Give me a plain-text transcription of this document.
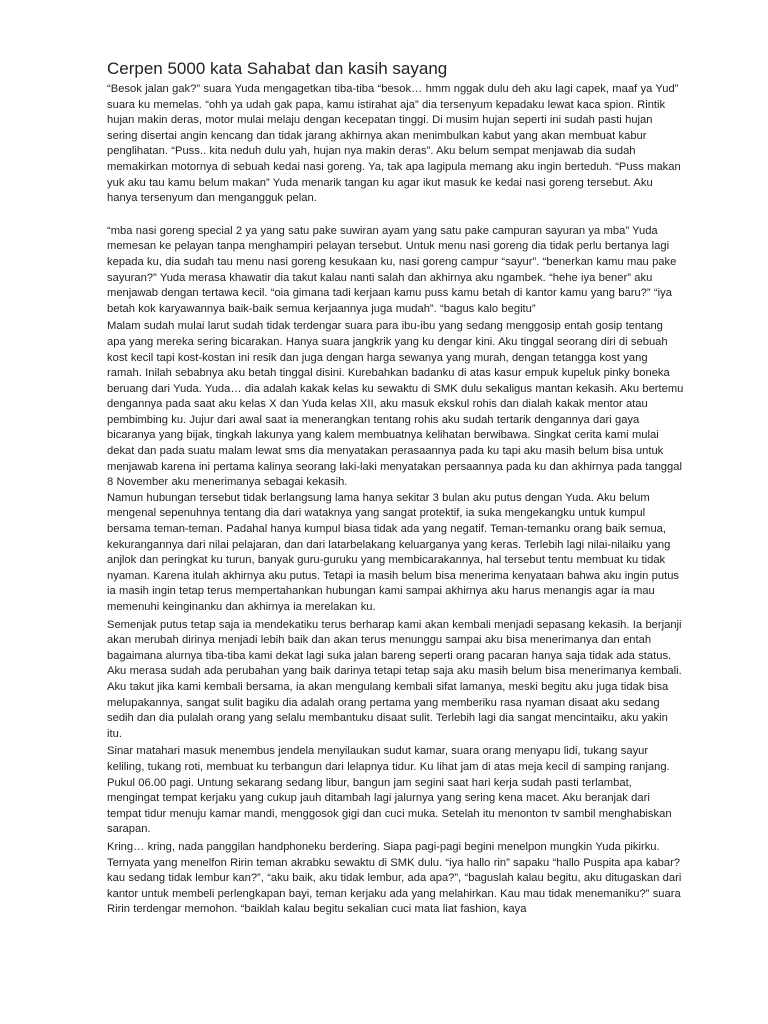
Cerpen 5000 kata Sahabat dan kasih sayang

“Besok jalan gak?” suara Yuda mengagetkan tiba-tiba “besok… hmm nggak dulu deh aku lagi capek, maaf ya Yud” suara ku memelas. “ohh ya udah gak papa, kamu istirahat aja” dia tersenyum kepadaku lewat kaca spion. Rintik hujan makin deras, motor mulai melaju dengan kecepatan tinggi. Di musim hujan seperti ini sudah pasti hujan sering disertai angin kencang dan tidak jarang akhirnya akan menimbulkan kabut yang akan membuat kabur penglihatan. “Puss.. kita neduh dulu yah, hujan nya makin deras”. Aku belum sempat menjawab dia sudah memakirkan motornya di sebuah kedai nasi goreng. Ya, tak apa lagipula memang aku ingin berteduh. “Puss makan yuk aku tau kamu belum makan” Yuda menarik tangan ku agar ikut masuk ke kedai nasi goreng tersebut. Aku hanya tersenyum dan mengangguk pelan.

“mba nasi goreng special 2 ya yang satu pake suwiran ayam yang satu pake campuran sayuran ya mba” Yuda memesan ke pelayan tanpa menghampiri pelayan tersebut. Untuk menu nasi goreng dia tidak perlu bertanya lagi kepada ku, dia sudah tau menu nasi goreng kesukaan ku, nasi goreng campur “sayur”. “benerkan kamu mau pake sayuran?” Yuda merasa khawatir dia takut kalau nanti salah dan akhirnya aku ngambek. “hehe iya bener” aku menjawab dengan tertawa kecil. “oia gimana tadi kerjaan kamu puss kamu betah di kantor kamu yang baru?” “iya betah kok karyawannya baik-baik semua kerjaannya juga mudah”. “bagus kalo begitu”

Malam sudah mulai larut sudah tidak terdengar suara para ibu-ibu yang sedang menggosip entah gosip tentang apa yang mereka sering bicarakan. Hanya suara jangkrik yang ku dengar kini. Aku tinggal seorang diri di sebuah kost kecil tapi kost-kostan ini resik dan juga dengan harga sewanya yang murah, dengan tetangga kost yang ramah. Inilah sebabnya aku betah tinggal disini. Kurebahkan badanku di atas kasur empuk kupeluk pinky boneka beruang dari Yuda. Yuda… dia adalah kakak kelas ku sewaktu di SMK dulu sekaligus mantan kekasih. Aku bertemu dengannya pada saat aku kelas X dan Yuda kelas XII, aku masuk ekskul rohis dan dialah kakak mentor atau pembimbing ku. Jujur dari awal saat ia menerangkan tentang rohis aku sudah tertarik dengannya dari gaya bicaranya yang bijak, tingkah lakunya yang kalem membuatnya kelihatan berwibawa. Singkat cerita kami mulai dekat dan pada suatu malam lewat sms dia menyatakan perasaannya pada ku tapi aku masih belum bisa untuk menjawab karena ini pertama kalinya seorang laki-laki menyatakan persaannya pada ku dan akhirnya pada tanggal 8 November aku menerimanya sebagai kekasih.

Namun hubungan tersebut tidak berlangsung lama hanya sekitar 3 bulan aku putus dengan Yuda. Aku belum mengenal sepenuhnya tentang dia dari wataknya yang sangat protektif, ia suka mengekangku untuk kumpul bersama teman-teman. Padahal hanya kumpul biasa tidak ada yang negatif. Teman-temanku orang baik semua, kekurangannya dari nilai pelajaran, dan dari latarbelakang keluarganya yang keras. Terlebih lagi nilai-nilaiku yang anjlok dan peringkat ku turun, banyak guru-guruku yang membicarakannya, hal tersebut tentu membuat ku tidak nyaman. Karena itulah akhirnya aku putus. Tetapi ia masih belum bisa menerima kenyataan bahwa aku ingin putus ia masih ingin tetap terus mempertahankan hubungan kami sampai akhirnya aku harus menangis agar ia mau memenuhi keinginanku dan akhirnya ia merelakan ku.

Semenjak putus tetap saja ia mendekatiku terus berharap kami akan kembali menjadi sepasang kekasih. Ia berjanji akan merubah dirinya menjadi lebih baik dan akan terus menunggu sampai aku bisa menerimanya dan entah bagaimana alurnya tiba-tiba kami dekat lagi suka jalan bareng seperti orang pacaran hanya saja tidak ada status. Aku merasa sudah ada perubahan yang baik darinya tetapi tetap saja aku masih belum bisa menerimanya kembali. Aku takut jika kami kembali bersama, ia akan mengulang kembali sifat lamanya, meski begitu aku juga tidak bisa melupakannya, sangat sulit bagiku dia adalah orang pertama yang memberiku rasa nyaman disaat aku sedang sedih dan dia pulalah orang yang selalu membantuku disaat sulit. Terlebih lagi dia sangat mencintaiku, aku yakin itu.

Sinar matahari masuk menembus jendela menyilaukan sudut kamar, suara orang menyapu lidi, tukang sayur keliling, tukang roti, membuat ku terbangun dari lelapnya tidur. Ku lihat jam di atas meja kecil di samping ranjang. Pukul 06.00 pagi. Untung sekarang sedang libur, bangun jam segini saat hari kerja sudah pasti terlambat, mengingat tempat kerjaku yang cukup jauh ditambah lagi jalurnya yang sering kena macet. Aku beranjak dari tempat tidur menuju kamar mandi, menggosok gigi dan cuci muka. Setelah itu menonton tv sambil menghabiskan sarapan.

Kring… kring, nada panggilan handphoneku berdering. Siapa pagi-pagi begini menelpon mungkin Yuda pikirku. Ternyata yang menelfon Ririn teman akrabku sewaktu di SMK dulu. “iya hallo rin” sapaku “hallo Puspita apa kabar? kau sedang tidak lembur kan?”, “aku baik, aku tidak lembur, ada apa?”, “baguslah kalau begitu, aku ditugaskan dari kantor untuk membeli perlengkapan bayi, teman kerjaku ada yang melahirkan. Kau mau tidak menemaniku?” suara Ririn terdengar memohon. “baiklah kalau begitu sekalian cuci mata liat fashion, kaya
